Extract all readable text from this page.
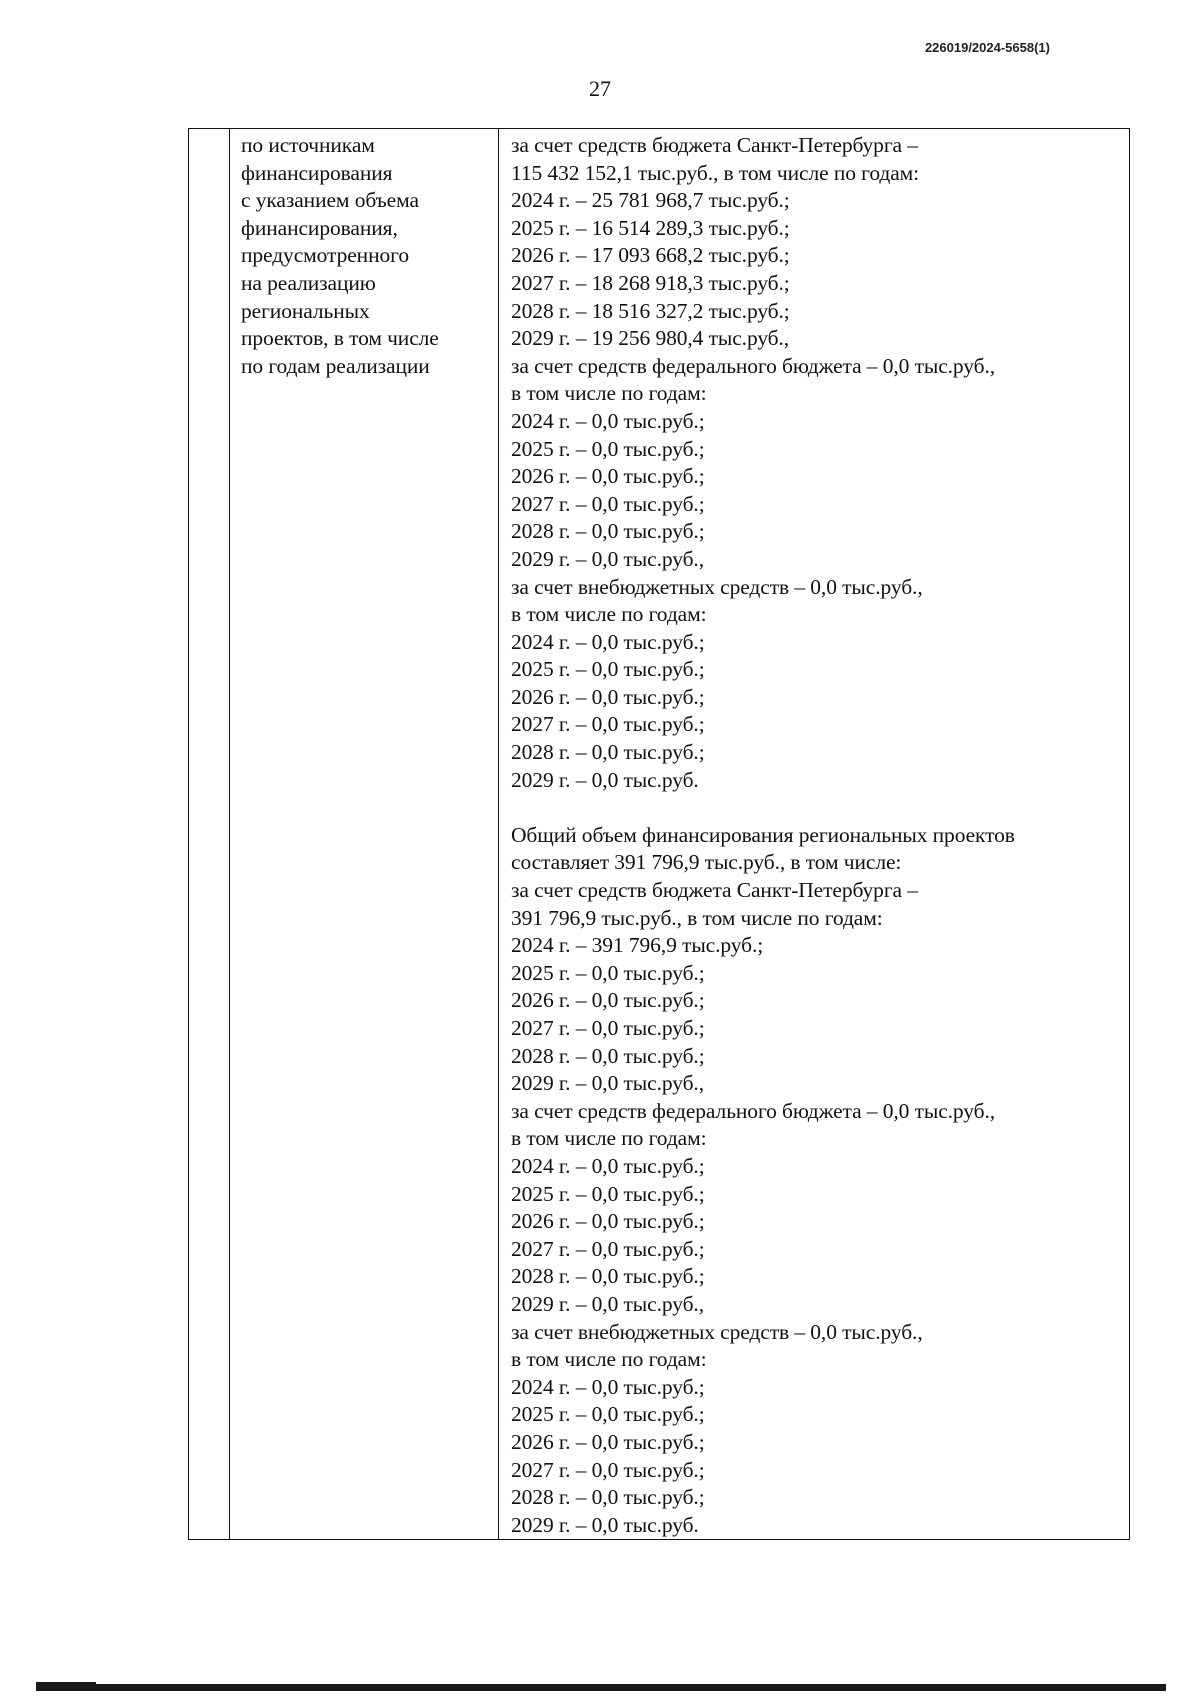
226019/2024-5658(1)
27
по источникам
финансирования
с указанием объема
финансирования,
предусмотренного
на реализацию
региональных
проектов, в том числе
по годам реализации
за счет средств бюджета Санкт-Петербурга –
115 432 152,1 тыс.руб., в том числе по годам:
2024 г. – 25 781 968,7 тыс.руб.;
2025 г. – 16 514 289,3 тыс.руб.;
2026 г. – 17 093 668,2 тыс.руб.;
2027 г. – 18 268 918,3 тыс.руб.;
2028 г. – 18 516 327,2 тыс.руб.;
2029 г. – 19 256 980,4 тыс.руб.,
за счет средств федерального бюджета – 0,0 тыс.руб.,
в том числе по годам:
2024 г. – 0,0 тыс.руб.;
2025 г. – 0,0 тыс.руб.;
2026 г. – 0,0 тыс.руб.;
2027 г. – 0,0 тыс.руб.;
2028 г. – 0,0 тыс.руб.;
2029 г. – 0,0 тыс.руб.,
за счет внебюджетных средств – 0,0 тыс.руб.,
в том числе по годам:
2024 г. – 0,0 тыс.руб.;
2025 г. – 0,0 тыс.руб.;
2026 г. – 0,0 тыс.руб.;
2027 г. – 0,0 тыс.руб.;
2028 г. – 0,0 тыс.руб.;
2029 г. – 0,0 тыс.руб.
Общий объем финансирования региональных проектов
составляет 391 796,9 тыс.руб., в том числе:
за счет средств бюджета Санкт-Петербурга –
391 796,9 тыс.руб., в том числе по годам:
2024 г. – 391 796,9 тыс.руб.;
2025 г. – 0,0 тыс.руб.;
2026 г. – 0,0 тыс.руб.;
2027 г. – 0,0 тыс.руб.;
2028 г. – 0,0 тыс.руб.;
2029 г. – 0,0 тыс.руб.,
за счет средств федерального бюджета – 0,0 тыс.руб.,
в том числе по годам:
2024 г. – 0,0 тыс.руб.;
2025 г. – 0,0 тыс.руб.;
2026 г. – 0,0 тыс.руб.;
2027 г. – 0,0 тыс.руб.;
2028 г. – 0,0 тыс.руб.;
2029 г. – 0,0 тыс.руб.,
за счет внебюджетных средств – 0,0 тыс.руб.,
в том числе по годам:
2024 г. – 0,0 тыс.руб.;
2025 г. – 0,0 тыс.руб.;
2026 г. – 0,0 тыс.руб.;
2027 г. – 0,0 тыс.руб.;
2028 г. – 0,0 тыс.руб.;
2029 г. – 0,0 тыс.руб.
